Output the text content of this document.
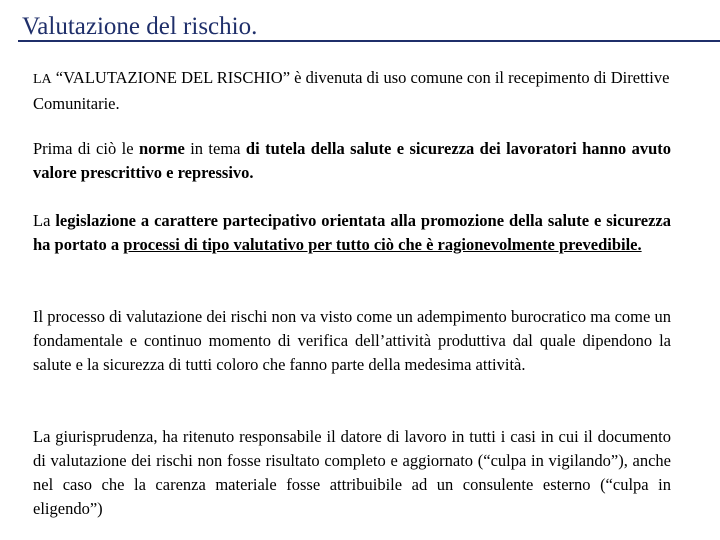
Valutazione del rischio.

LA “VALUTAZIONE DEL RISCHIO” è divenuta di uso comune con il recepimento di Direttive Comunitarie.

Prima di ciò le norme in tema di tutela della salute e sicurezza dei lavoratori hanno avuto valore prescrittivo e repressivo.

La legislazione a carattere partecipativo orientata alla promozione della salute e sicurezza ha portato a processi di tipo valutativo per tutto ciò che è ragionevolmente prevedibile.

Il processo di valutazione dei rischi non va visto come un adempimento burocratico ma come un fondamentale e continuo momento di verifica dell’attività produttiva dal quale dipendono la salute e la sicurezza di tutti coloro che fanno parte della medesima attività.

La giurisprudenza, ha ritenuto responsabile il datore di lavoro in tutti i casi in cui il documento di valutazione dei rischi non fosse risultato completo e aggiornato (“culpa in vigilando”), anche nel caso che la carenza materiale fosse attribuibile ad un consulente esterno (“culpa in eligendo”)
